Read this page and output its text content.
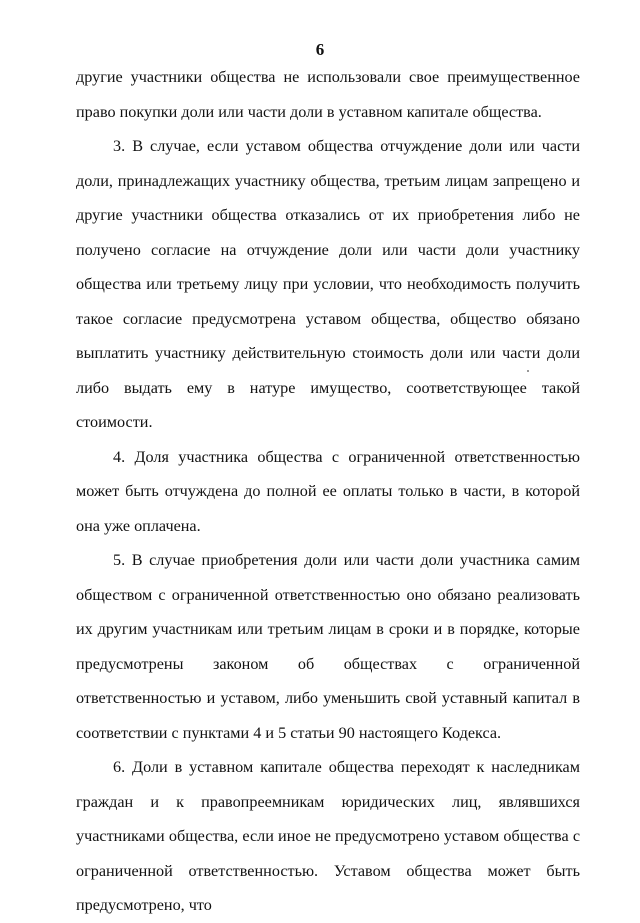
6

другие участники общества не использовали свое преимущественное право покупки доли или части доли в уставном капитале общества.

3. В случае, если уставом общества отчуждение доли или части доли, принадлежащих участнику общества, третьим лицам запрещено и другие участники общества отказались от их приобретения либо не получено согласие на отчуждение доли или части доли участнику общества или третьему лицу при условии, что необходимость получить такое согласие предусмотрена уставом общества, общество обязано выплатить участнику действительную стоимость доли или части доли либо выдать ему в натуре имущество, соответствующее такой стоимости.

4. Доля участника общества с ограниченной ответственностью может быть отчуждена до полной ее оплаты только в части, в которой она уже оплачена.

5. В случае приобретения доли или части доли участника самим обществом с ограниченной ответственностью оно обязано реализовать их другим участникам или третьим лицам в сроки и в порядке, которые предусмотрены законом об обществах с ограниченной ответственностью и уставом, либо уменьшить свой уставный капитал в соответствии с пунктами 4 и 5 статьи 90 настоящего Кодекса.

6. Доли в уставном капитале общества переходят к наследникам граждан и к правопреемникам юридических лиц, являвшихся участниками общества, если иное не предусмотрено уставом общества с ограниченной ответственностью. Уставом общества может быть предусмотрено, что
